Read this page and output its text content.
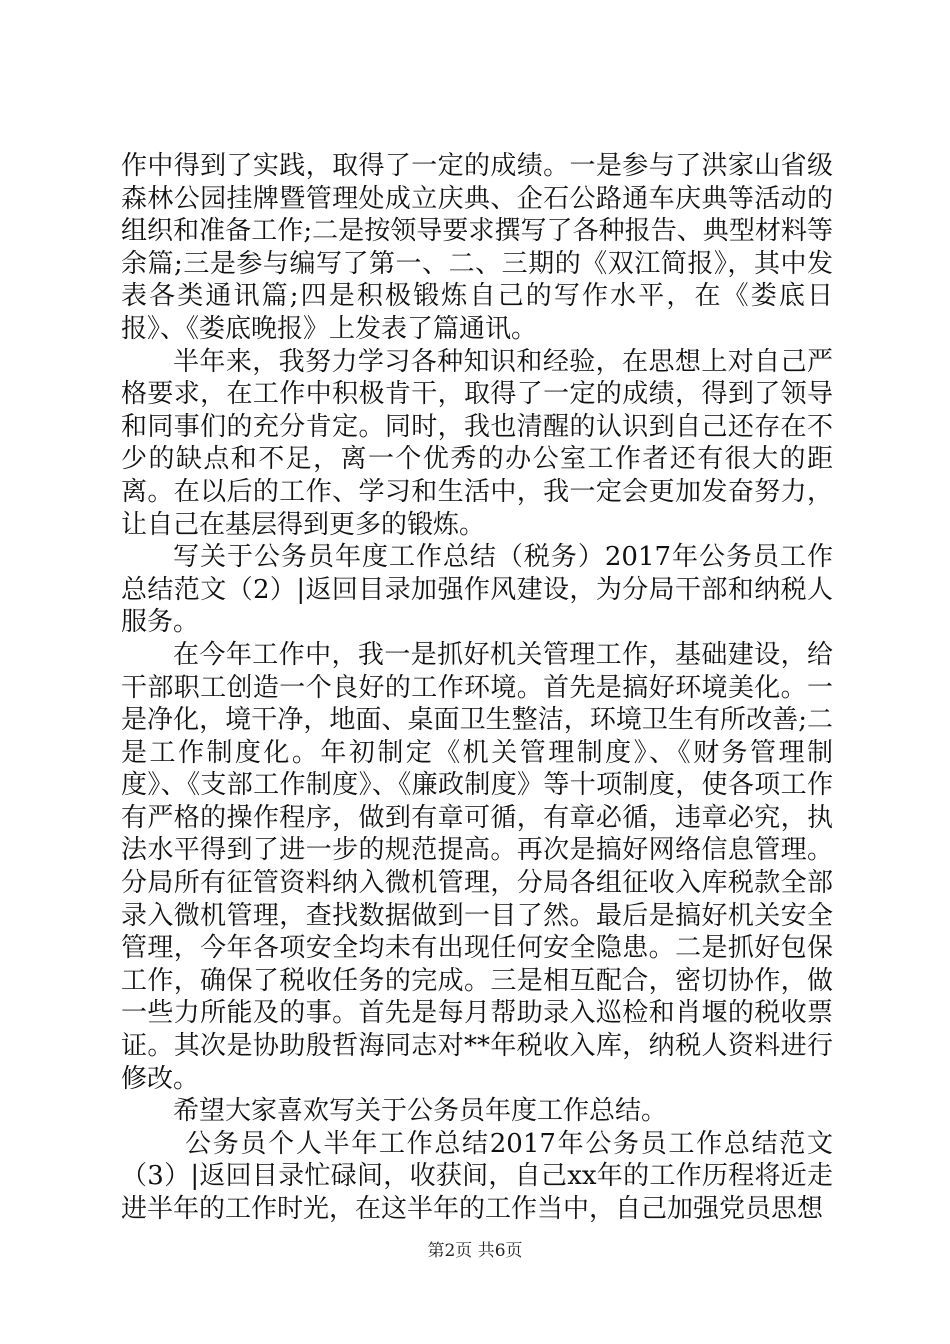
作中得到了实践，取得了一定的成绩。一是参与了洪家山省级森林公园挂牌暨管理处成立庆典、企石公路通车庆典等活动的组织和准备工作;二是按领导要求撰写了各种报告、典型材料等余篇;三是参与编写了第一、二、三期的《双江简报》，其中发表各类通讯篇;四是积极锻炼自己的写作水平，在《娄底日报》、《娄底晚报》上发表了篇通讯。

半年来，我努力学习各种知识和经验，在思想上对自己严格要求，在工作中积极肯干，取得了一定的成绩，得到了领导和同事们的充分肯定。同时，我也清醒的认识到自己还存在不少的缺点和不足，离一个优秀的办公室工作者还有很大的距离。在以后的工作、学习和生活中，我一定会更加发奋努力，让自己在基层得到更多的锻炼。

写关于公务员年度工作总结（税务）2017年公务员工作总结范文（2）|返回目录加强作风建设，为分局干部和纳税人服务。

在今年工作中，我一是抓好机关管理工作，基础建设，给干部职工创造一个良好的工作环境。首先是搞好环境美化。一是净化，境干净，地面、桌面卫生整洁，环境卫生有所改善;二是工作制度化。年初制定《机关管理制度》、《财务管理制度》、《支部工作制度》、《廉政制度》等十项制度，使各项工作有严格的操作程序，做到有章可循，有章必循，违章必究，执法水平得到了进一步的规范提高。再次是搞好网络信息管理。分局所有征管资料纳入微机管理，分局各组征收入库税款全部录入微机管理，查找数据做到一目了然。最后是搞好机关安全管理，今年各项安全均未有出现任何安全隐患。二是抓好包保工作，确保了税收任务的完成。三是相互配合，密切协作，做一些力所能及的事。首先是每月帮助录入巡检和肖堰的税收票证。其次是协助殷哲海同志对**年税收入库，纳税人资料进行修改。

希望大家喜欢写关于公务员年度工作总结。

公务员个人半年工作总结2017年公务员工作总结范文（3）|返回目录忙碌间，收获间，自己xx年的工作历程将近走进半年的工作时光，在这半年的工作当中，自己加强党员思想

第2页 共6页
